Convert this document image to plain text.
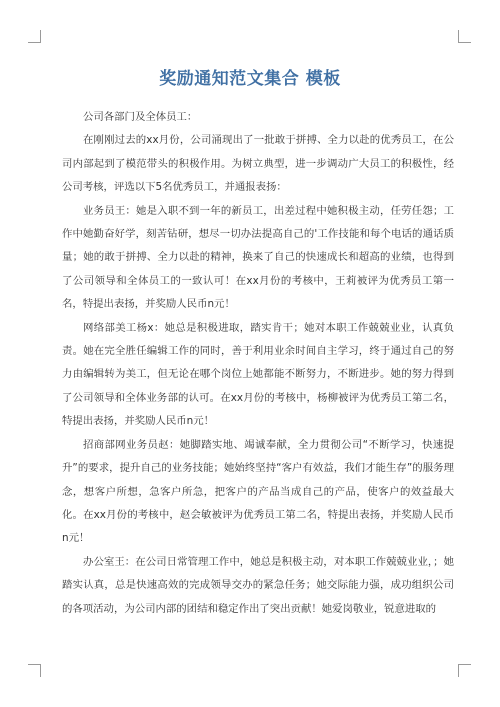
奖励通知范文集合 模板

公司各部门及全体员工：

在刚刚过去的xx月份，公司涌现出了一批敢于拼搏、全力以赴的优秀员工，在公司内部起到了模范带头的积极作用。为树立典型，进一步调动广大员工的积极性，经公司考核，评选以下5名优秀员工，并通报表扬：

业务员王：她是入职不到一年的新员工，出差过程中她积极主动，任劳任怨；工作中她勤奋好学，刻苦钻研，想尽一切办法提高自己的'工作技能和每个电话的通话质量；她的敢于拼搏、全力以赴的精神，换来了自己的快速成长和超高的业绩，也得到了公司领导和全体员工的一致认可！在xx月份的考核中，王莉被评为优秀员工第一名，特提出表扬，并奖励人民币n元！

网络部美工杨x：她总是积极进取，踏实肯干；她对本职工作兢兢业业，认真负责。她在完全胜任编辑工作的同时，善于利用业余时间自主学习，终于通过自己的努力由编辑转为美工，但无论在哪个岗位上她都能不断努力，不断进步。她的努力得到了公司领导和全体业务部的认可。在xx月份的考核中，杨柳被评为优秀员工第二名，特提出表扬，并奖励人民币n元！

招商部网业务员赵：她脚踏实地、竭诚奉献，全力贯彻公司“不断学习，快速提升”的要求，提升自己的业务技能；她始终坚持“客户有效益，我们才能生存”的服务理念，想客户所想，急客户所急，把客户的产品当成自己的产品，使客户的效益最大化。在xx月份的考核中，赵会敏被评为优秀员工第二名，特提出表扬，并奖励人民币n元！

办公室王：在公司日常管理工作中，她总是积极主动，对本职工作兢兢业业，；她踏实认真，总是快速高效的完成领导交办的紧急任务；她交际能力强，成功组织公司的各项活动，为公司内部的团结和稳定作出了突出贡献！她爱岗敬业，锐意进取的
